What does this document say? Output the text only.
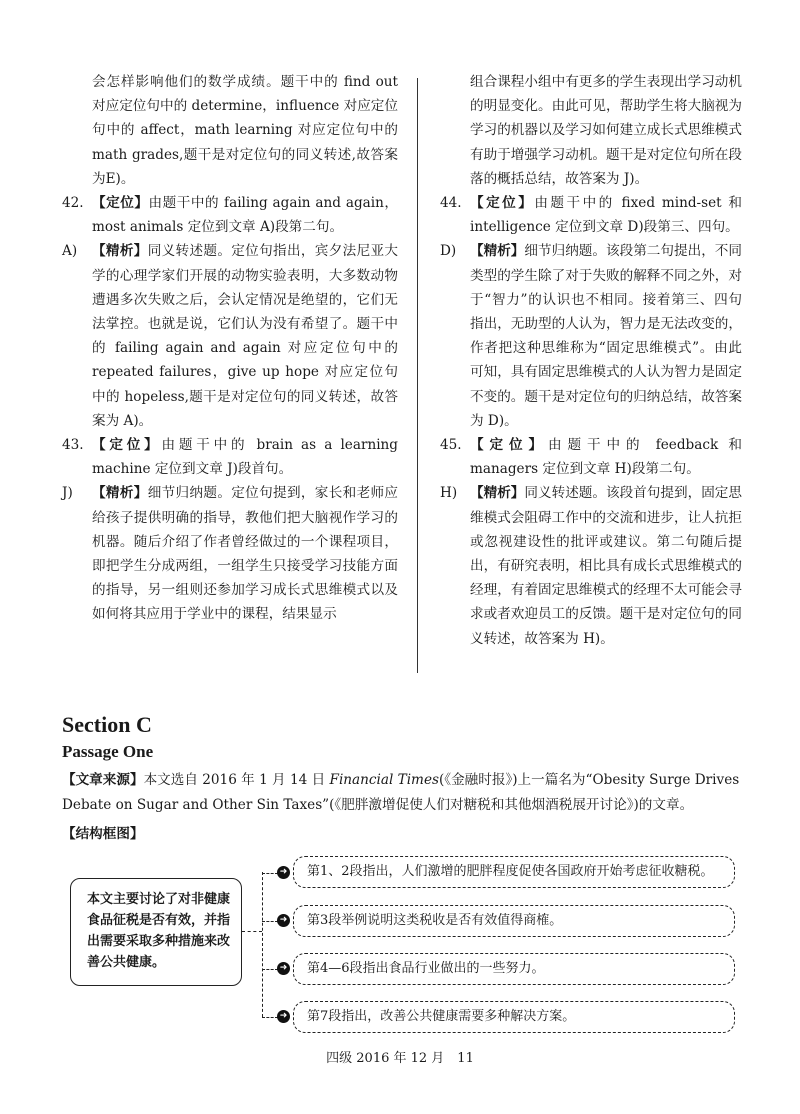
会怎样影响他们的数学成绩。题干中的 find out 对应定位句中的 determine，influence 对应定位句中的 affect，math learning 对应定位句中的 math grades,题干是对定位句的同义转述,故答案为E)。
42. 【定位】由题干中的 failing again and again，most animals 定位到文章 A)段第二句。
A)	【精析】同义转述题。定位句指出，宾夕法尼亚大学的心理学家们开展的动物实验表明，大多数动物遭遇多次失败之后，会认定情况是绝望的，它们无法掌控。也就是说，它们认为没有希望了。题干中的 failing again and again 对应定位句中的 repeated failures，give up hope 对应定位句中的 hopeless,题干是对定位句的同义转述，故答案为 A)。
43. 【定位】由题干中的 brain as a learning machine 定位到文章 J)段首句。
J)	【精析】细节归纳题。定位句提到，家长和老师应给孩子提供明确的指导，教他们把大脑视作学习的机器。随后介绍了作者曾经做过的一个课程项目，即把学生分成两组，一组学生只接受学习技能方面的指导，另一组则还参加学习成长式思维模式以及如何将其应用于学业中的课程，结果显示
组合课程小组中有更多的学生表现出学习动机的明显变化。由此可见，帮助学生将大脑视为学习的机器以及学习如何建立成长式思维模式有助于增强学习动机。题干是对定位句所在段落的概括总结，故答案为 J)。
44. 【定位】由题干中的 fixed mind-set 和 intelligence 定位到文章 D)段第三、四句。
D)	【精析】细节归纳题。该段第二句提出，不同类型的学生除了对于失败的解释不同之外，对于“智力”的认识也不相同。接着第三、四句指出，无助型的人认为，智力是无法改变的，作者把这种思维称为“固定思维模式”。由此可知，具有固定思维模式的人认为智力是固定不变的。题干是对定位句的归纳总结，故答案为 D)。
45. 【定位】由题干中的 feedback 和 managers 定位到文章 H)段第二句。
H) 【精析】同义转述题。该段首句提到，固定思维模式会阻碍工作中的交流和进步，让人抗拒或忽视建设性的批评或建议。第二句随后提出，有研究表明，相比具有成长式思维模式的经理，有着固定思维模式的经理不太可能会寻求或者欢迎员工的反馈。题干是对定位句的同义转述，故答案为 H)。
Section C
Passage One
【文章来源】本文选自 2016 年 1 月 14 日 Financial Times(《金融时报》)上一篇名为“Obesity Surge Drives Debate on Sugar and Other Sin Taxes”(《肥胖激增促使人们对糖税和其他烟酒税展开讨论》)的文章。
【结构框图】
本文主要讨论了对非健康食品征税是否有效，并指出需要采取多种措施来改善公共健康。
➜	第1、2段指出，人们激增的肥胖程度促使各国政府开始考虑征收糖税。
➜	第3段举例说明这类税收是否有效值得商榷。
➜	第4—6段指出食品行业做出的一些努力。
➜	第7段指出，改善公共健康需要多种解决方案。
四级 2016 年 12 月　11
